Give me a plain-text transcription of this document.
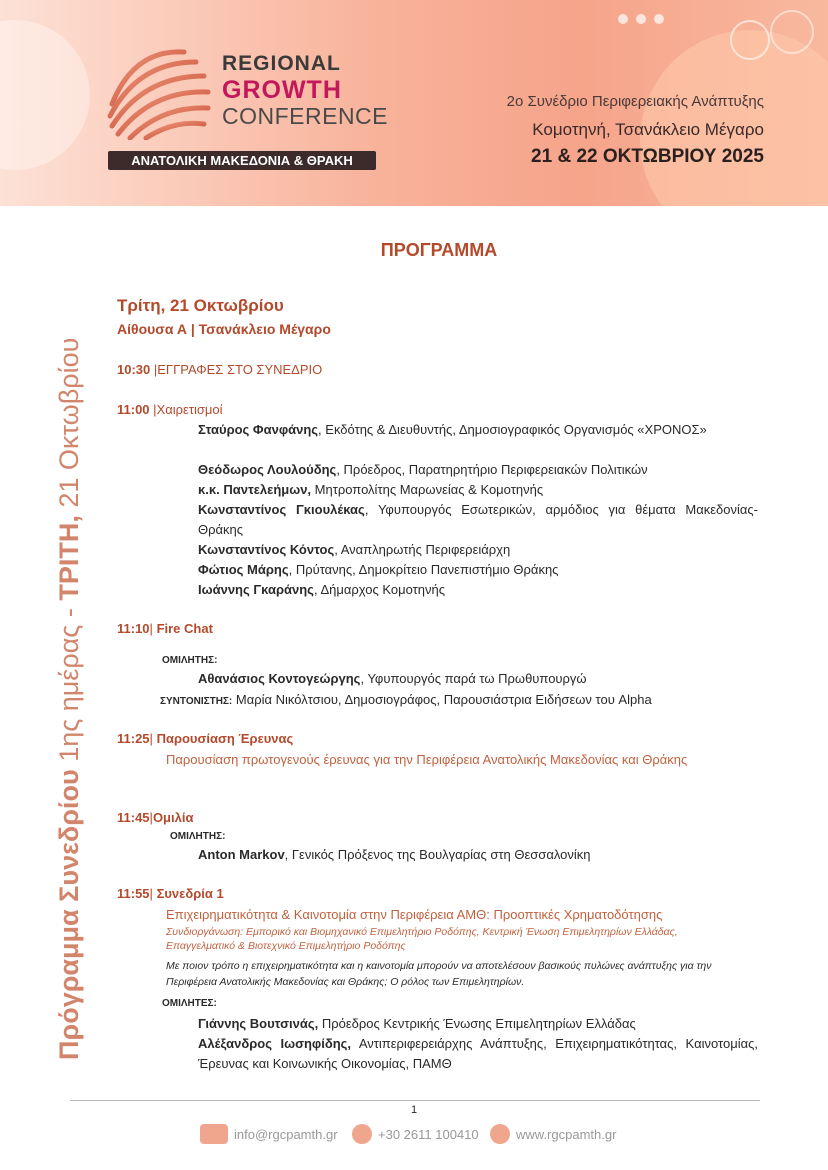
REGIONAL
GROWTH
CONFERENCE
ΑΝΑΤΟΛΙΚΗ ΜΑΚΕΔΟΝΙΑ & ΘΡΑΚΗ
2ο Συνέδριο Περιφερειακής Ανάπτυξης
Κομοτηνή, Τσανάκλειο Μέγαρο
21 & 22 ΟΚΤΩΒΡΙΟΥ 2025
Πρόγραμμα Συνεδρίου 1ης ημέρας - ΤΡΙΤΗ, 21 Οκτωβρίου
ΠΡΟΓΡΑΜΜΑ
Τρίτη, 21 Οκτωβρίου
Αίθουσα Α | Τσανάκλειο Μέγαρο
10:30 |ΕΓΓΡΑΦΕΣ ΣΤΟ ΣΥΝΕΔΡΙΟ
11:00 |Χαιρετισμοί
Σταύρος Φανφάνης, Εκδότης & Διευθυντής, Δημοσιογραφικός Οργανισμός «ΧΡΟΝΟΣ»
Θεόδωρος Λουλούδης, Πρόεδρος, Παρατηρητήριο Περιφερειακών Πολιτικών
κ.κ. Παντελεήμων, Μητροπολίτης Μαρωνείας & Κομοτηνής
Κωνσταντίνος Γκιουλέκας, Υφυπουργός Εσωτερικών, αρμόδιος για θέματα Μακεδονίας-Θράκης
Κωνσταντίνος Κόντος, Αναπληρωτής Περιφερειάρχη
Φώτιος Μάρης, Πρύτανης, Δημοκρίτειο Πανεπιστήμιο Θράκης
Ιωάννης Γκαράνης, Δήμαρχος Κομοτηνής
11:10| Fire Chat
ΟΜΙΛΗΤΗΣ:
Αθανάσιος Κοντογεώργης, Υφυπουργός παρά τω Πρωθυπουργώ
ΣΥΝΤΟΝΙΣΤΗΣ: Μαρία Νικόλτσιου, Δημοσιογράφος, Παρουσιάστρια Ειδήσεων του Alpha
11:25| Παρουσίαση Έρευνας
Παρουσίαση πρωτογενούς έρευνας για την Περιφέρεια Ανατολικής Μακεδονίας και Θράκης
11:45|Ομιλία
ΟΜΙΛΗΤΗΣ:
Anton Markov, Γενικός Πρόξενος της Βουλγαρίας στη Θεσσαλονίκη
11:55| Συνεδρία 1
Επιχειρηματικότητα & Καινοτομία στην Περιφέρεια ΑΜΘ: Προοπτικές Χρηματοδότησης
Συνδιοργάνωση: Εμπορικό και Βιομηχανικό Επιμελητήριο Ροδόπης, Κεντρική Ένωση Επιμελητηρίων Ελλάδας, Επαγγελματικό & Βιοτεχνικό Επιμελητήριο Ροδόπης
Με ποιον τρόπο η επιχειρηματικότητα και η καινοτομία μπορούν να αποτελέσουν βασικούς πυλώνες ανάπτυξης για την Περιφέρεια Ανατολικής Μακεδονίας και Θράκης; Ο ρόλος των Επιμελητηρίων.
ΟΜΙΛΗΤΕΣ:
Γιάννης Βουτσινάς, Πρόεδρος Κεντρικής Ένωσης Επιμελητηρίων Ελλάδας
Αλέξανδρος Ιωσηφίδης, Αντιπεριφερειάρχης Ανάπτυξης, Επιχειρηματικότητας, Καινοτομίας, Έρευνας και Κοινωνικής Οικονομίας, ΠΑΜΘ
1
info@rgcpamth.gr	+30 2611 100410	www.rgcpamth.gr
